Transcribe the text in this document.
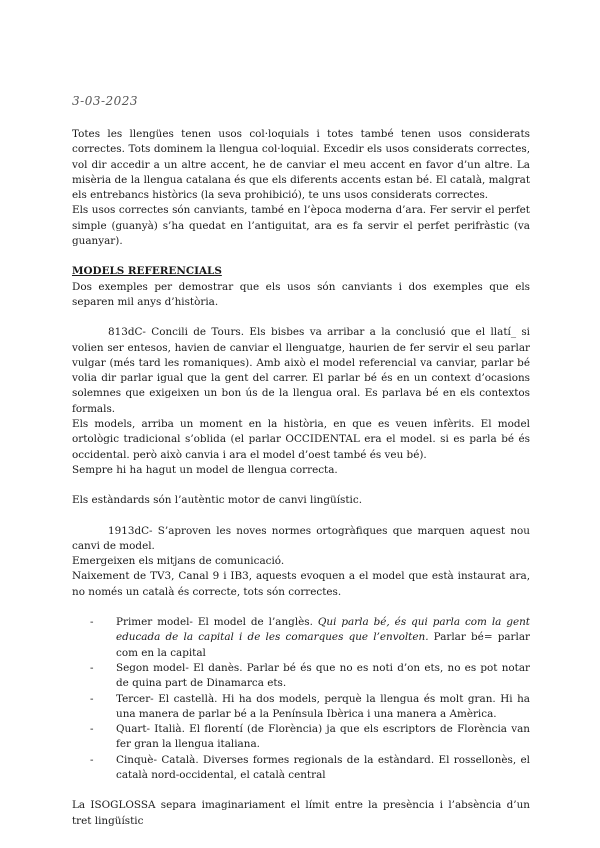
3-03-2023

Totes les llengües tenen usos col·loquials i totes també tenen usos considerats correctes. Tots dominem la llengua col·loquial. Excedir els usos considerats correctes, vol dir accedir a un altre accent, he de canviar el meu accent en favor d’un altre. La misèria de la llengua catalana és que els diferents accents estan bé. El català, malgrat els entrebancs històrics (la seva prohibició), te uns usos considerats correctes.

Els usos correctes són canviants, també en l’època moderna d’ara. Fer servir el perfet simple (guanyà) s’ha quedat en l’antiguitat, ara es fa servir el perfet perifràstic (va guanyar).

MODELS REFERENCIALS

Dos exemples per demostrar que els usos són canviants i dos exemples que els separen mil anys d’història.

813dC- Concili de Tours. Els bisbes va arribar a la conclusió que el llatí_ si volien ser entesos, havien de canviar el llenguatge, haurien de fer servir el seu parlar vulgar (més tard les romaniques). Amb això el model referencial va canviar, parlar bé volia dir parlar igual que la gent del carrer. El parlar bé és en un context d’ocasions solemnes que exigeixen un bon ús de la llengua oral. Es parlava bé en els contextos formals.

Els models, arriba un moment en la història, en que es veuen infèrits. El model ortològic tradicional s’oblida (el parlar OCCIDENTAL era el model. si es parla bé és occidental. però això canvia i ara el model d’oest també és veu bé).

Sempre hi ha hagut un model de llengua correcta.

Els estàndards són l’autèntic motor de canvi lingüístic.

1913dC- S’aproven les noves normes ortogràfiques que marquen aquest nou canvi de model.

Emergeixen els mitjans de comunicació.

Naixement de TV3, Canal 9 i IB3, aquests evoquen a el model que està instaurat ara, no només un català és correcte, tots són correctes.

- Primer model- El model de l’anglès. Qui parla bé, és qui parla com la gent educada de la capital i de les comarques que l’envolten. Parlar bé= parlar com en la capital
- Segon model- El danès. Parlar bé és que no es noti d’on ets, no es pot notar de quina part de Dinamarca ets.
- Tercer- El castellà. Hi ha dos models, perquè la llengua és molt gran. Hi ha una manera de parlar bé a la Península Ibèrica i una manera a Amèrica.
- Quart- Italià. El florentí (de Florència) ja que els escriptors de Florència van fer gran la llengua italiana.
- Cinquè- Català. Diverses formes regionals de la estàndard. El rossellonès, el català nord-occidental, el català central

La ISOGLOSSA separa imaginariament el límit entre la presència i l’absència d’un tret lingüístic
